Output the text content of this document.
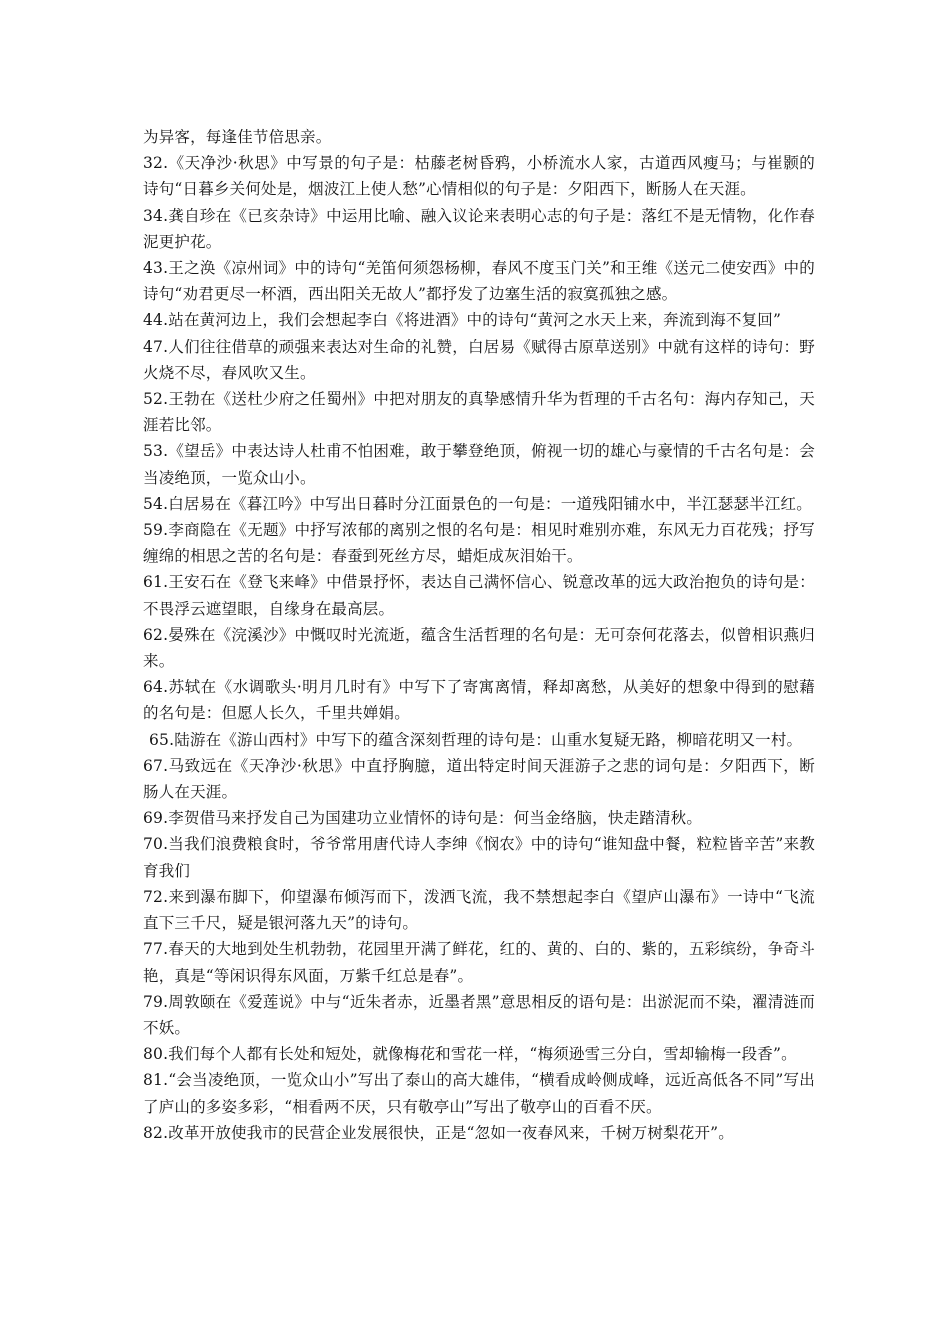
为异客，每逢佳节倍思亲。

32.《天净沙·秋思》中写景的句子是：枯藤老树昏鸦，小桥流水人家，古道西风瘦马；与崔颢的诗句“日暮乡关何处是，烟波江上使人愁”心情相似的句子是：夕阳西下，断肠人在天涯。

34.龚自珍在《已亥杂诗》中运用比喻、融入议论来表明心志的句子是：落红不是无情物，化作春泥更护花。

43.王之涣《凉州词》中的诗句“羌笛何须怨杨柳，春风不度玉门关”和王维《送元二使安西》中的诗句“劝君更尽一杯酒，西出阳关无故人”都抒发了边塞生活的寂寞孤独之感。

44.站在黄河边上，我们会想起李白《将进酒》中的诗句“黄河之水天上来，奔流到海不复回”

47.人们往往借草的顽强来表达对生命的礼赞，白居易《赋得古原草送别》中就有这样的诗句：野火烧不尽，春风吹又生。

52.王勃在《送杜少府之任蜀州》中把对朋友的真挚感情升华为哲理的千古名句：海内存知己，天涯若比邻。

53.《望岳》中表达诗人杜甫不怕困难，敢于攀登绝顶，俯视一切的雄心与豪情的千古名句是：会当凌绝顶，一览众山小。

54.白居易在《暮江吟》中写出日暮时分江面景色的一句是：一道残阳铺水中，半江瑟瑟半江红。

59.李商隐在《无题》中抒写浓郁的离别之恨的名句是：相见时难别亦难，东风无力百花残；抒写缠绵的相思之苦的名句是：春蚕到死丝方尽，蜡炬成灰泪始干。

61.王安石在《登飞来峰》中借景抒怀，表达自己满怀信心、锐意改革的远大政治抱负的诗句是：不畏浮云遮望眼，自缘身在最高层。

62.晏殊在《浣溪沙》中慨叹时光流逝，蕴含生活哲理的名句是：无可奈何花落去，似曾相识燕归来。

64.苏轼在《水调歌头·明月几时有》中写下了寄寓离情，释却离愁，从美好的想象中得到的慰藉的名句是：但愿人长久，千里共婵娟。

65.陆游在《游山西村》中写下的蕴含深刻哲理的诗句是：山重水复疑无路，柳暗花明又一村。

67.马致远在《天净沙·秋思》中直抒胸臆，道出特定时间天涯游子之悲的词句是：夕阳西下，断肠人在天涯。

69.李贺借马来抒发自己为国建功立业情怀的诗句是：何当金络脑，快走踏清秋。

70.当我们浪费粮食时，爷爷常用唐代诗人李绅《悯农》中的诗句“谁知盘中餐，粒粒皆辛苦”来教育我们

72.来到瀑布脚下，仰望瀑布倾泻而下，泼洒飞流，我不禁想起李白《望庐山瀑布》一诗中“飞流直下三千尺，疑是银河落九天”的诗句。

77.春天的大地到处生机勃勃，花园里开满了鲜花，红的、黄的、白的、紫的，五彩缤纷，争奇斗艳，真是“等闲识得东风面，万紫千红总是春”。

79.周敦颐在《爱莲说》中与“近朱者赤，近墨者黑”意思相反的语句是：出淤泥而不染，濯清涟而不妖。

80.我们每个人都有长处和短处，就像梅花和雪花一样，“梅须逊雪三分白，雪却输梅一段香”。

81.“会当凌绝顶，一览众山小”写出了泰山的高大雄伟，“横看成岭侧成峰，远近高低各不同”写出了庐山的多姿多彩，“相看两不厌，只有敬亭山”写出了敬亭山的百看不厌。

82.改革开放使我市的民营企业发展很快，正是“忽如一夜春风来，千树万树梨花开”。
